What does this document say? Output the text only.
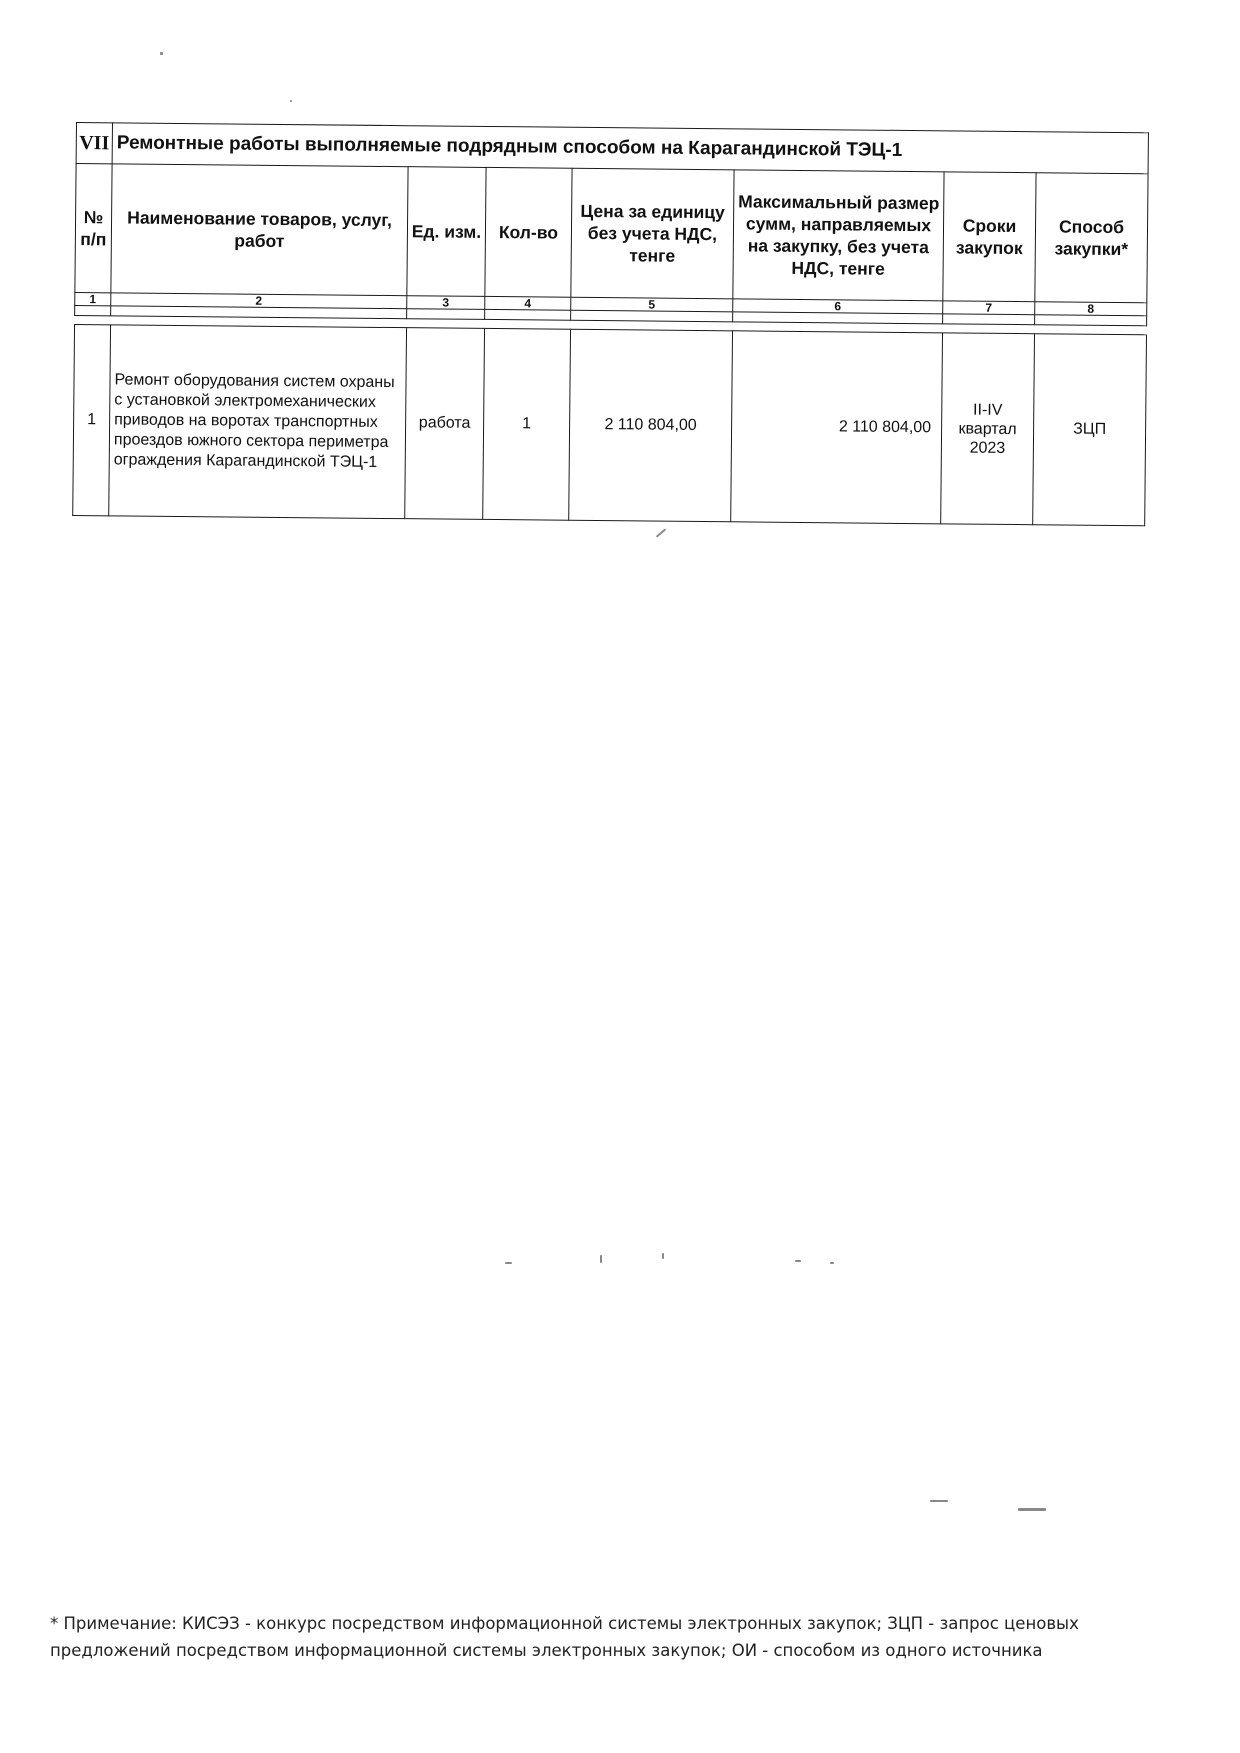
VII	Ремонтные работы выполняемые подрядным способом на Карагандинской ТЭЦ-1						
№ п/п	Наименование товаров, услуг, работ	Ед. изм.	Кол-во	Цена за единицу без учета НДС, тенге	Максимальный размер сумм, направляемых на закупку, без учета НДС, тенге	Сроки закупок	Способ закупки*
1	2	3	4	5	6	7	8

1	Ремонт оборудования систем охраны с установкой электромеханических приводов на воротах транспортных проездов южного сектора периметра ограждения Карагандинской ТЭЦ-1	работа	1	2 110 804,00	2 110 804,00	II-IV квартал 2023	ЗЦП
* Примечание: КИСЭЗ - конкурс посредством информационной системы электронных закупок; ЗЦП - запрос ценовых предложений посредством информационной системы электронных закупок; ОИ - способом из одного источника
